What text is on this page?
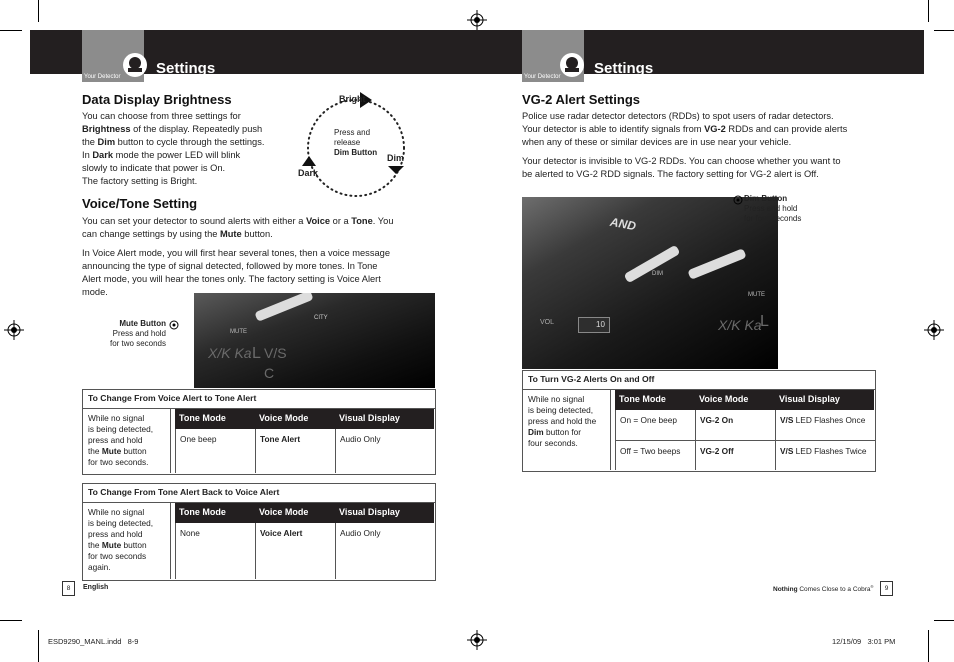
Your Detector Settings	Your Detector Settings
Data Display Brightness

You can choose from three settings for

Brightness of the display. Repeatedly push

the Dim button to cycle through the settings.

In Dark mode the power LED will blink

slowly to indicate that power is On.

The factory setting is Bright.

Bright
Dark
Dim
Press and
release
Dim Button
Voice/Tone Setting

You can set your detector to sound alerts with either a Voice or a Tone. You

can change settings by using the Mute button.

In Voice Alert mode, you will first hear several tones, then a voice message

announcing the type of signal detected, followed by more tones. In Tone

Alert mode, you will hear the tones only. The factory setting is Voice Alert

mode.

CITY
MUTE
X/K Ka L V/S
C
Mute Button
Press and hold
for two seconds
To Change From Voice Alert to Tone Alert
While no signal
is being detected,
press and hold
the Mute button
for two seconds.
Tone Mode	Voice Mode	Visual Display
One beep	Tone Alert	Audio Only
To Change From Tone Alert Back to Voice Alert
While no signal
is being detected,
press and hold
the Mute button
for two seconds
again.
Tone Mode	Voice Mode	Visual Display
None	Voice Alert	Audio Only
8	English
VG-2 Alert Settings

Police use radar detector detectors (RDDs) to spot users of radar detectors.

Your detector is able to identify signals from VG-2 RDDs and can provide alerts

when any of these or similar devices are in use near your vehicle.

Your detector is invisible to VG-2 RDDs. You can choose whether you want to

be alerted to VG-2 RDD signals. The factory setting for VG-2 alert is Off.

AND
DIM
MUTE
VOL	10	X/K Ka
L
Dim Button
Press and hold
for four seconds
To Turn VG-2 Alerts On and Off
While no signal
is being detected,
press and hold the
Dim button for
four seconds.
Tone Mode	Voice Mode	Visual Display
On = One beep	VG-2 On	V/S LED Flashes Once
Off = Two beeps	VG-2 Off	V/S LED Flashes Twice
Nothing Comes Close to a Cobra®	9
ESD9290_MANL.indd   8-9	12/15/09   3:01 PM
